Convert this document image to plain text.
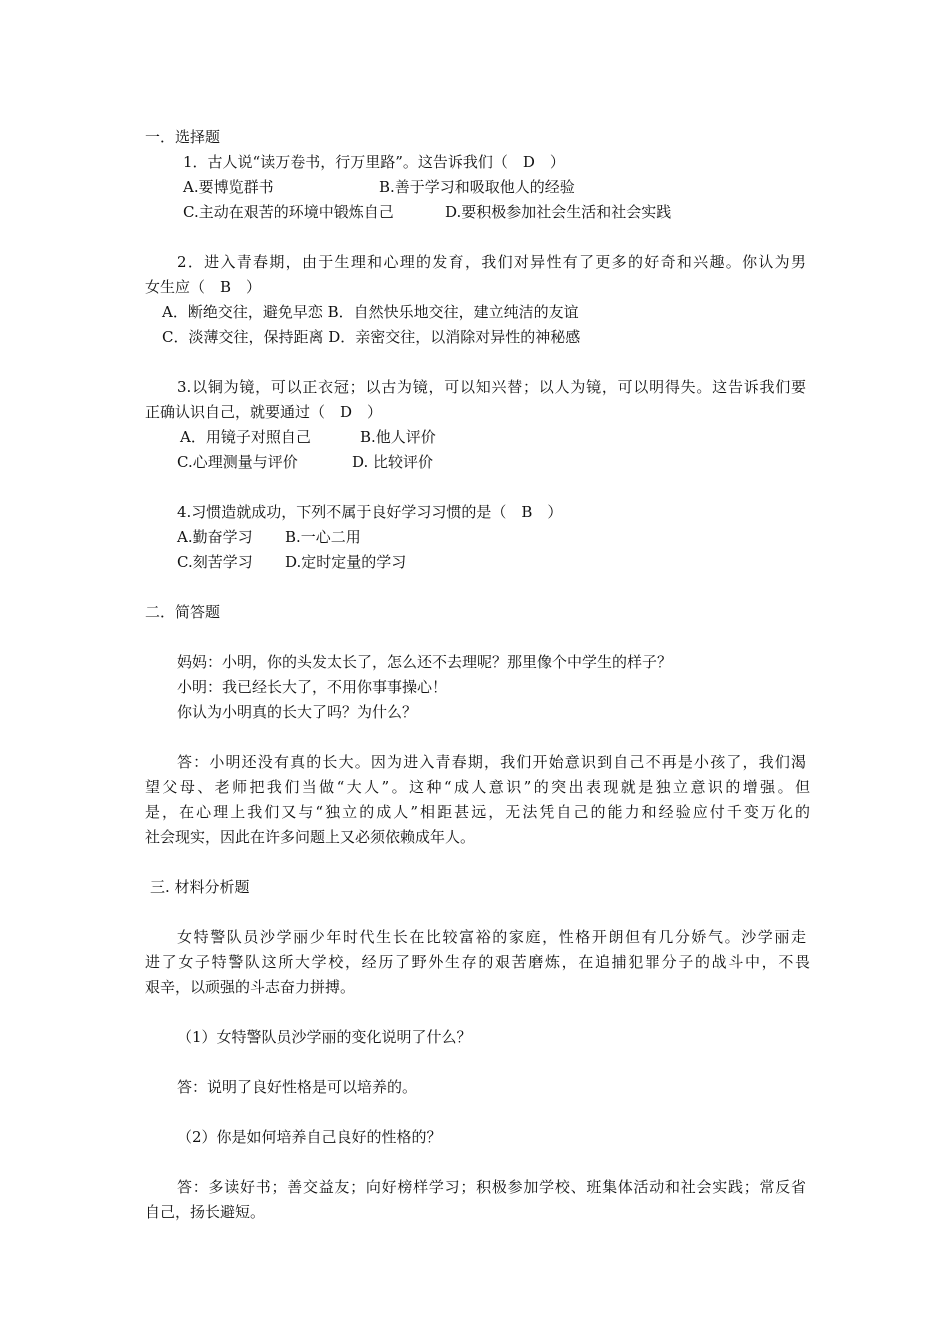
一．选择题
1．古人说“读万卷书，行万里路”。这告诉我们（　D　）
A.要博览群书	B.善于学习和吸取他人的经验
C.主动在艰苦的环境中锻炼自己	D.要积极参加社会生活和社会实践
2．进入青春期，由于生理和心理的发育，我们对异性有了更多的好奇和兴趣。你认为男
女生应（　B　）
A．断绝交往，避免早恋 B．自然快乐地交往，建立纯洁的友谊
C．淡薄交往，保持距离 D．亲密交往，以消除对异性的神秘感
3.以铜为镜，可以正衣冠；以古为镜，可以知兴替；以人为镜，可以明得失。这告诉我们要
正确认识自己，就要通过（　D　）
A．用镜子对照自己	B.他人评价
C.心理测量与评价	D. 比较评价
4.习惯造就成功，下列不属于良好学习习惯的是（　B　）
A.勤奋学习 B.一心二用
C.刻苦学习 D.定时定量的学习
二．简答题
妈妈：小明，你的头发太长了，怎么还不去理呢？那里像个中学生的样子？
小明：我已经长大了，不用你事事操心！
你认为小明真的长大了吗？为什么？
答：小明还没有真的长大。因为进入青春期，我们开始意识到自己不再是小孩了，我们渴
望父母、老师把我们当做“大人”。这种“成人意识”的突出表现就是独立意识的增强。但
是，在心理上我们又与“独立的成人”相距甚远，无法凭自己的能力和经验应付千变万化的
社会现实，因此在许多问题上又必须依赖成年人。
三. 材料分析题
女特警队员沙学丽少年时代生长在比较富裕的家庭，性格开朗但有几分娇气。沙学丽走
进了女子特警队这所大学校，经历了野外生存的艰苦磨炼，在追捕犯罪分子的战斗中，不畏
艰辛，以顽强的斗志奋力拼搏。
（1）女特警队员沙学丽的变化说明了什么？
答：说明了良好性格是可以培养的。
（2）你是如何培养自己良好的性格的？
答：多读好书；善交益友；向好榜样学习；积极参加学校、班集体活动和社会实践；常反省
自己，扬长避短。
